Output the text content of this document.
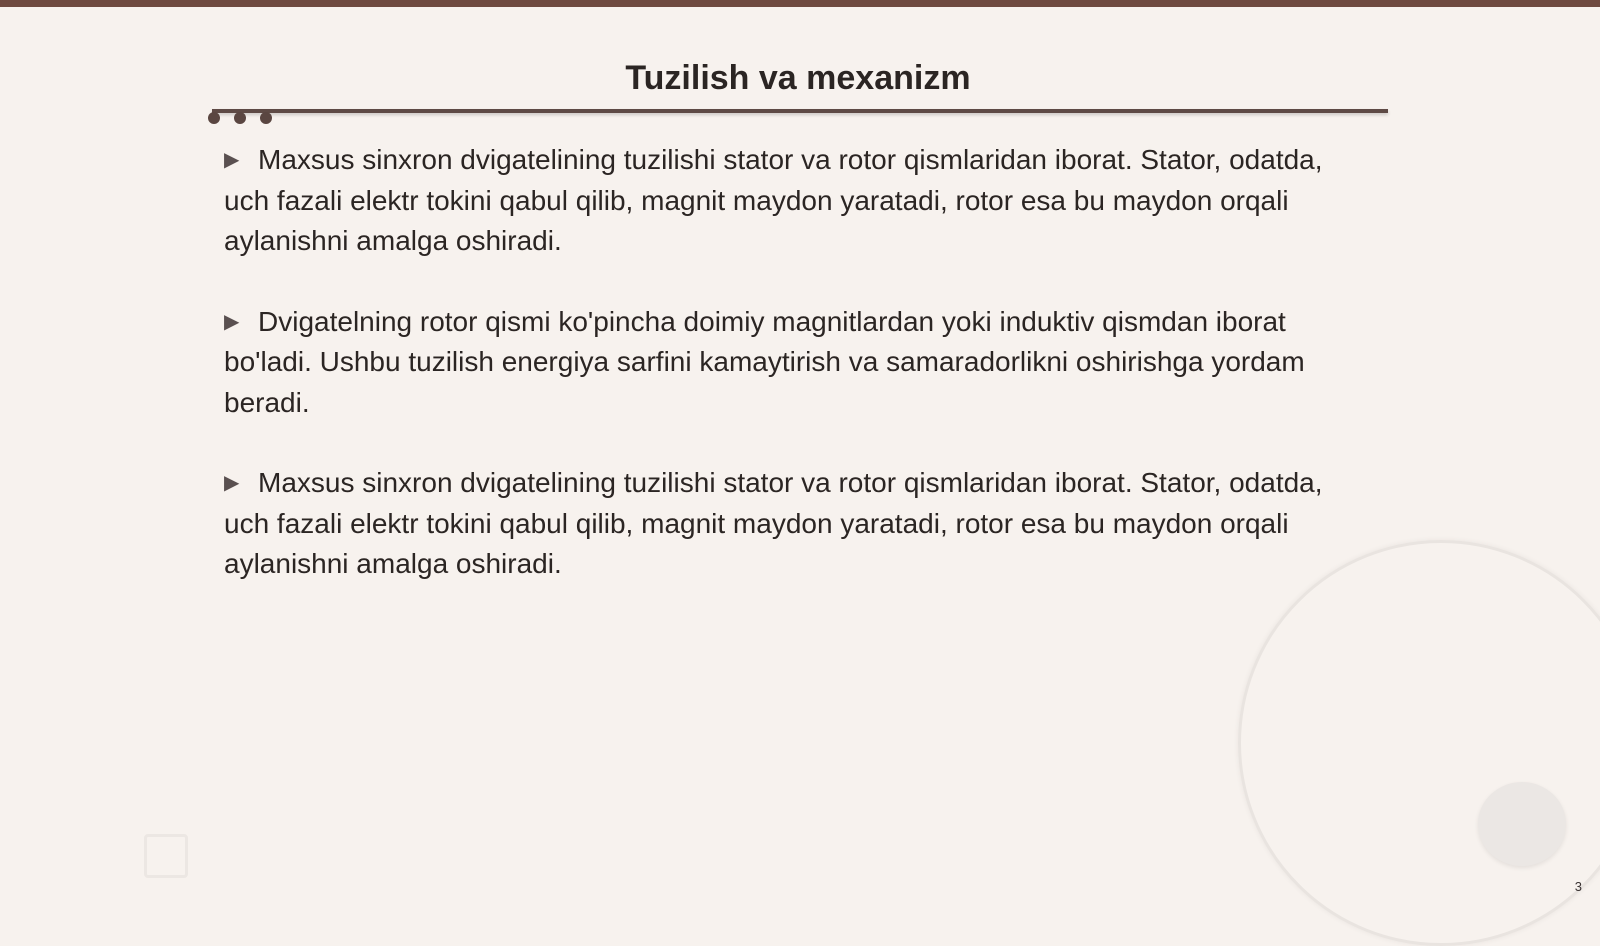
Tuzilish va mexanizm

▶ Maxsus sinxron dvigatelining tuzilishi stator va rotor qismlaridan iborat. Stator, odatda, uch fazali elektr tokini qabul qilib, magnit maydon yaratadi, rotor esa bu maydon orqali aylanishni amalga oshiradi.

▶ Dvigatelning rotor qismi ko'pincha doimiy magnitlardan yoki induktiv qismdan iborat bo'ladi. Ushbu tuzilish energiya sarfini kamaytirish va samaradorlikni oshirishga yordam beradi.

▶ Maxsus sinxron dvigatelining tuzilishi stator va rotor qismlaridan iborat. Stator, odatda, uch fazali elektr tokini qabul qilib, magnit maydon yaratadi, rotor esa bu maydon orqali aylanishni amalga oshiradi.

3
